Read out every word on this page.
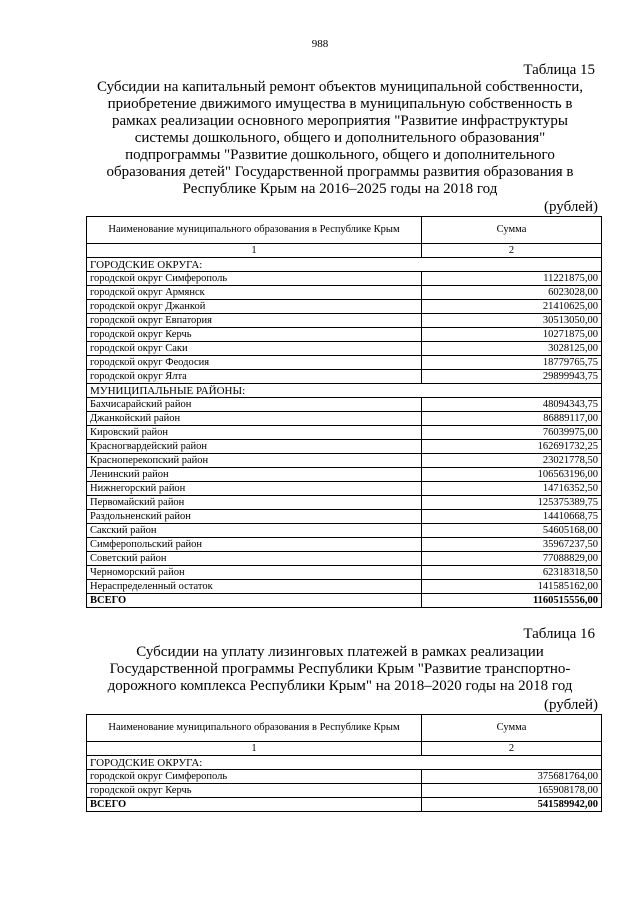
988
Таблица 15
Субсидии на капитальный ремонт объектов муниципальной собственности,
приобретение движимого имущества в муниципальную собственность в
рамках реализации основного мероприятия "Развитие инфраструктуры
системы дошкольного, общего и дополнительного образования"
подпрограммы "Развитие дошкольного, общего и дополнительного
образования детей" Государственной программы развития образования в
Республике Крым на 2016–2025 годы на 2018 год
(рублей)
Наименование муниципального образования в Республике Крым	Сумма
1	2
ГОРОДСКИЕ ОКРУГА:	
городской округ Симферополь	11221875,00
городской округ Армянск	6023028,00
городской округ Джанкой	21410625,00
городской округ Евпатория	30513050,00
городской округ Керчь	10271875,00
городской округ Саки	3028125,00
городской округ Феодосия	18779765,75
городской округ Ялта	29899943,75
МУНИЦИПАЛЬНЫЕ РАЙОНЫ:	
Бахчисарайский район	48094343,75
Джанкойский район	86889117,00
Кировский район	76039975,00
Красногвардейский район	162691732,25
Красноперекопский район	23021778,50
Ленинский район	106563196,00
Нижнегорский район	14716352,50
Первомайский район	125375389,75
Раздольненский район	14410668,75
Сакский район	54605168,00
Симферопольский район	35967237,50
Советский район	77088829,00
Черноморский район	62318318,50
Нераспределенный остаток	141585162,00
ВСЕГО	1160515556,00
Таблица 16
Субсидии на уплату лизинговых платежей в рамках реализации
Государственной программы Республики Крым "Развитие транспортно-
дорожного комплекса Республики Крым" на 2018–2020 годы на 2018 год
(рублей)
Наименование муниципального образования в Республике Крым	Сумма
1	2
ГОРОДСКИЕ ОКРУГА:	
городской округ Симферополь	375681764,00
городской округ Керчь	165908178,00
ВСЕГО	541589942,00
